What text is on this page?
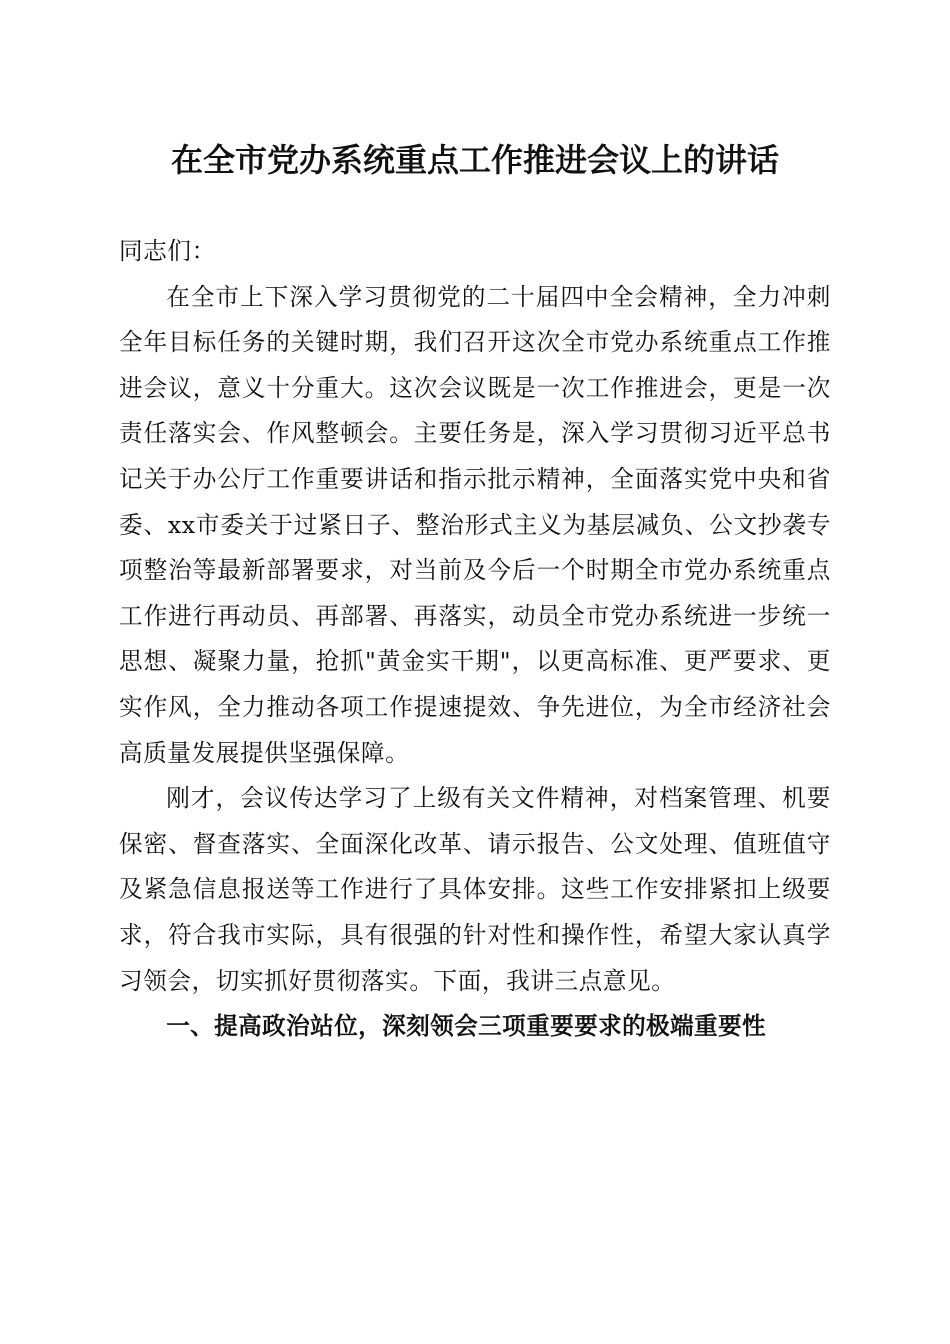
在全市党办系统重点工作推进会议上的讲话

同志们：

在全市上下深入学习贯彻党的二十届四中全会精神，全力冲刺全年目标任务的关键时期，我们召开这次全市党办系统重点工作推进会议，意义十分重大。这次会议既是一次工作推进会，更是一次责任落实会、作风整顿会。主要任务是，深入学习贯彻习近平总书记关于办公厅工作重要讲话和指示批示精神，全面落实党中央和省委、xx市委关于过紧日子、整治形式主义为基层减负、公文抄袭专项整治等最新部署要求，对当前及今后一个时期全市党办系统重点工作进行再动员、再部署、再落实，动员全市党办系统进一步统一思想、凝聚力量，抢抓"黄金实干期"，以更高标准、更严要求、更实作风，全力推动各项工作提速提效、争先进位，为全市经济社会高质量发展提供坚强保障。

刚才，会议传达学习了上级有关文件精神，对档案管理、机要保密、督查落实、全面深化改革、请示报告、公文处理、值班值守及紧急信息报送等工作进行了具体安排。这些工作安排紧扣上级要求，符合我市实际，具有很强的针对性和操作性，希望大家认真学习领会，切实抓好贯彻落实。下面，我讲三点意见。

一、提高政治站位，深刻领会三项重要要求的极端重要性
